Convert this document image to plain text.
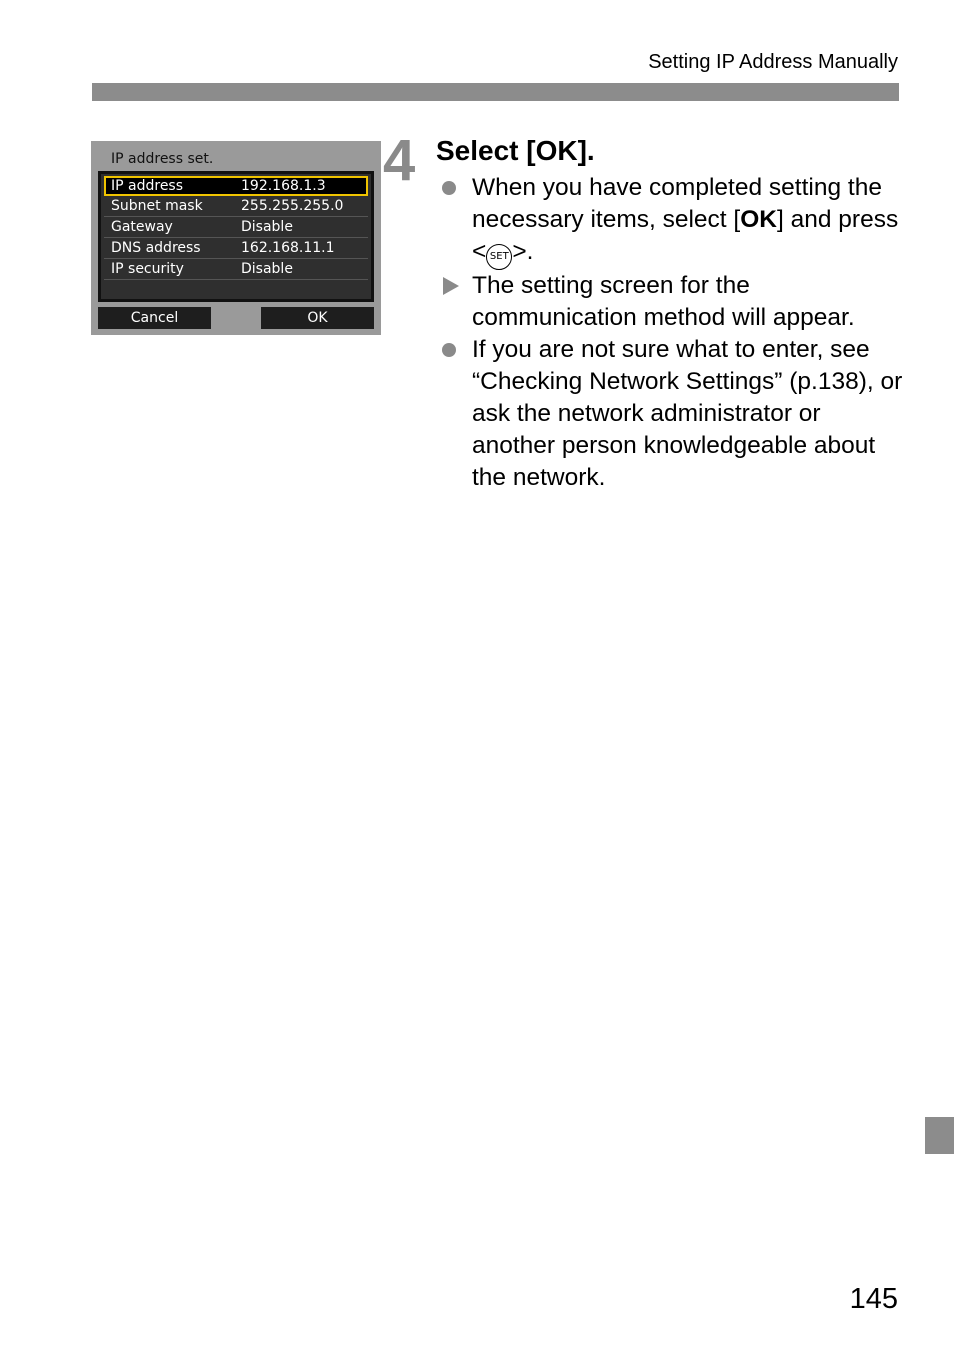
Setting IP Address Manually
IP address set.
IP address	192.168.1.3
Subnet mask	255.255.255.0
Gateway	Disable
DNS address	162.168.11.1
IP security	Disable
Cancel	OK
4 Select [OK].
When you have completed setting the necessary items, select [OK] and press < SET >.
The setting screen for the communication method will appear.
If you are not sure what to enter, see “Checking Network Settings” (p.138), or ask the network administrator or another person knowledgeable about the network.
145
